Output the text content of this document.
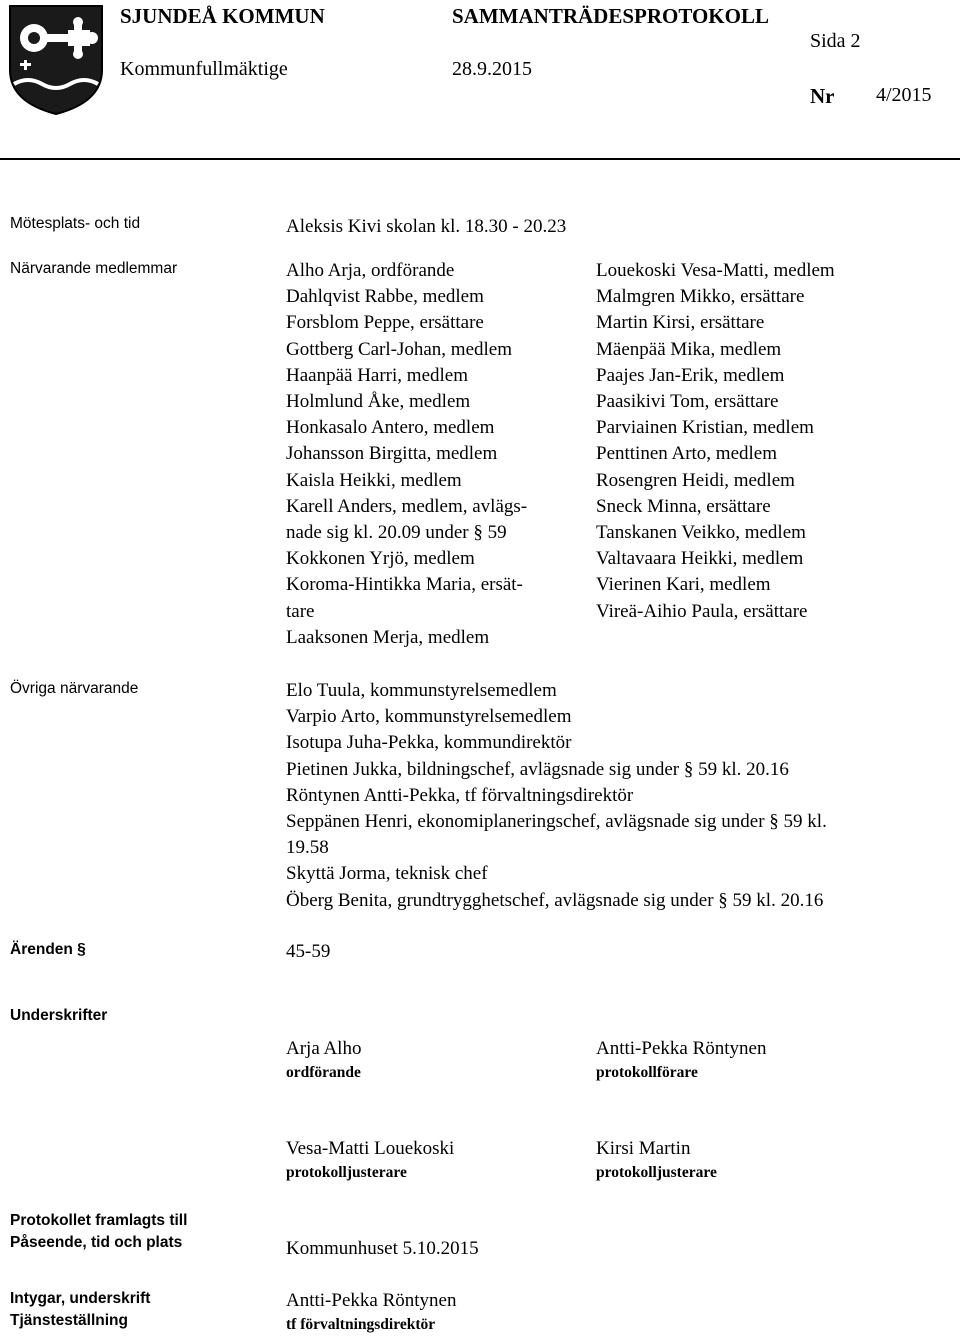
SJUNDEÅ KOMMUN
Kommunfullmäktige
SAMMANTRÄDESPROTOKOLL
28.9.2015
Sida 2
Nr 4/2015
Mötesplats- och tid	Aleksis Kivi skolan kl. 18.30 - 20.23
Närvarande medlemmar	Alho Arja, ordförande
Dahlqvist Rabbe, medlem
Forsblom Peppe, ersättare
Gottberg Carl-Johan, medlem
Haanpää Harri, medlem
Holmlund Åke, medlem
Honkasalo Antero, medlem
Johansson Birgitta, medlem
Kaisla Heikki, medlem
Karell Anders, medlem, avlägs-
nade sig kl. 20.09 under § 59
Kokkonen Yrjö, medlem
Koroma-Hintikka Maria, ersät-
tare
Laaksonen Merja, medlem
Louekoski Vesa-Matti, medlem
Malmgren Mikko, ersättare
Martin Kirsi, ersättare
Mäenpää Mika, medlem
Paajes Jan-Erik, medlem
Paasikivi Tom, ersättare
Parviainen Kristian, medlem
Penttinen Arto, medlem
Rosengren Heidi, medlem
Sneck Minna, ersättare
Tanskanen Veikko, medlem
Valtavaara Heikki, medlem
Vierinen Kari, medlem
Vireä-Aihio Paula, ersättare
Övriga närvarande	Elo Tuula, kommunstyrelsemedlem
Varpio Arto, kommunstyrelsemedlem
Isotupa Juha-Pekka, kommundirektör
Pietinen Jukka, bildningschef, avlägsnade sig under § 59 kl. 20.16
Röntynen Antti-Pekka, tf förvaltningsdirektör
Seppänen Henri, ekonomiplaneringschef, avlägsnade sig under § 59 kl.
19.58
Skyttä Jorma, teknisk chef
Öberg Benita, grundtrygghetschef, avlägsnade sig under § 59 kl. 20.16
Ärenden §	45-59
Underskrifter
Arja Alho
ordförande
Antti-Pekka Röntynen
protokollförare
Vesa-Matti Louekoski
protokolljusterare
Kirsi Martin
protokolljusterare
Protokollet framlagts till
Påseende, tid och plats	Kommunhuset 5.10.2015
Intygar, underskrift
Tjänsteställning
Antti-Pekka Röntynen
tf förvaltningsdirektör
